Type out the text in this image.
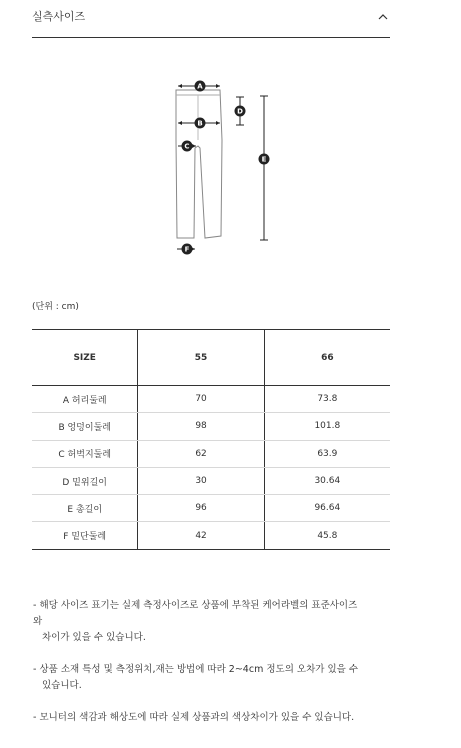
실측사이즈
A
B
C
D
E
F
(단위 : cm)
SIZE	55	66
A 허리둘레	70	73.8
B 엉덩이둘레	98	101.8
C 허벅지둘레	62	63.9
D 밑위길이	30	30.64
E 총길이	96	96.64
F 밑단둘레	42	45.8
- 해당 사이즈 표기는 실제 측정사이즈로 상품에 부착된 케어라벨의 표준사이즈와
차이가 있을 수 있습니다.
- 상품 소재 특성 및 측정위치,재는 방법에 따라 2~4cm 정도의 오차가 있을 수
있습니다.
- 모니터의 색감과 해상도에 따라 실제 상품과의 색상차이가 있을 수 있습니다.
